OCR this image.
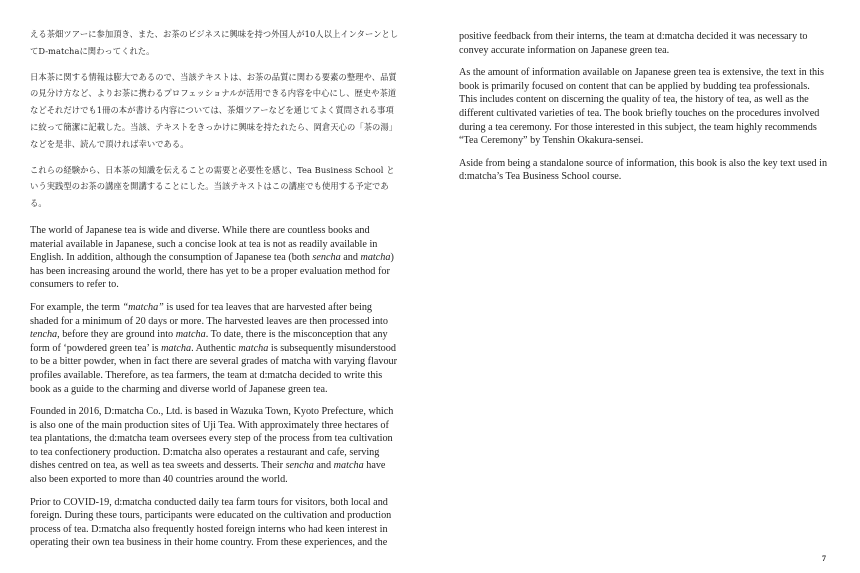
える茶畑ツアーに参加頂き、また、お茶のビジネスに興味を持つ外国人が10人以上インターンとしてD-matchaに関わってくれた。

日本茶に関する情報は膨大であるので、当該テキストは、お茶の品質に関わる要素の整理や、品質の見分け方など、よりお茶に携わるプロフェッショナルが活用できる内容を中心にし、歴史や茶道などそれだけでも1冊の本が書ける内容については、茶畑ツアーなどを通じてよく質問される事項に絞って簡潔に記載した。当該、テキストをきっかけに興味を持たれたら、岡倉天心の「茶の湯」などを是非、読んで頂ければ幸いである。

これらの経験から、日本茶の知識を伝えることの需要と必要性を感じ、Tea Business School という実践型のお茶の講座を開講することにした。当該テキストはこの講座でも使用する予定である。

The world of Japanese tea is wide and diverse. While there are countless books and material available in Japanese, such a concise look at tea is not as readily available in English. In addition, although the consumption of Japanese tea (both sencha and matcha) has been increasing around the world, there has yet to be a proper evaluation method for consumers to refer to.

For example, the term “matcha” is used for tea leaves that are harvested after being shaded for a minimum of 20 days or more. The harvested leaves are then processed into tencha, before they are ground into matcha. To date, there is the misconception that any form of ‘powdered green tea’ is matcha. Authentic matcha is subsequently misunderstood to be a bitter powder, when in fact there are several grades of matcha with varying flavour profiles available. Therefore, as tea farmers, the team at d:matcha decided to write this book as a guide to the charming and diverse world of Japanese green tea.

Founded in 2016, D:matcha Co., Ltd. is based in Wazuka Town, Kyoto Prefecture, which is also one of the main production sites of Uji Tea. With approximately three hectares of tea plantations, the d:matcha team oversees every step of the process from tea cultivation to tea confectionery production. D:matcha also operates a restaurant and cafe, serving dishes centred on tea, as well as tea sweets and desserts. Their sencha and matcha have also been exported to more than 40 countries around the world.

Prior to COVID-19, d:matcha conducted daily tea farm tours for visitors, both local and foreign. During these tours, participants were educated on the cultivation and production process of tea. D:matcha also frequently hosted foreign interns who had keen interest in operating their own tea business in their home country. From these experiences, and the

positive feedback from their interns, the team at d:matcha decided it was necessary to convey accurate information on Japanese green tea.

As the amount of information available on Japanese green tea is extensive, the text in this book is primarily focused on content that can be applied by budding tea professionals. This includes content on discerning the quality of tea, the history of tea, as well as the different cultivated varieties of tea. The book briefly touches on the procedures involved during a tea ceremony. For those interested in this subject, the team highly recommends “Tea Ceremony” by Tenshin Okakura-sensei.

Aside from being a standalone source of information, this book is also the key text used in d:matcha’s Tea Business School course.

7
